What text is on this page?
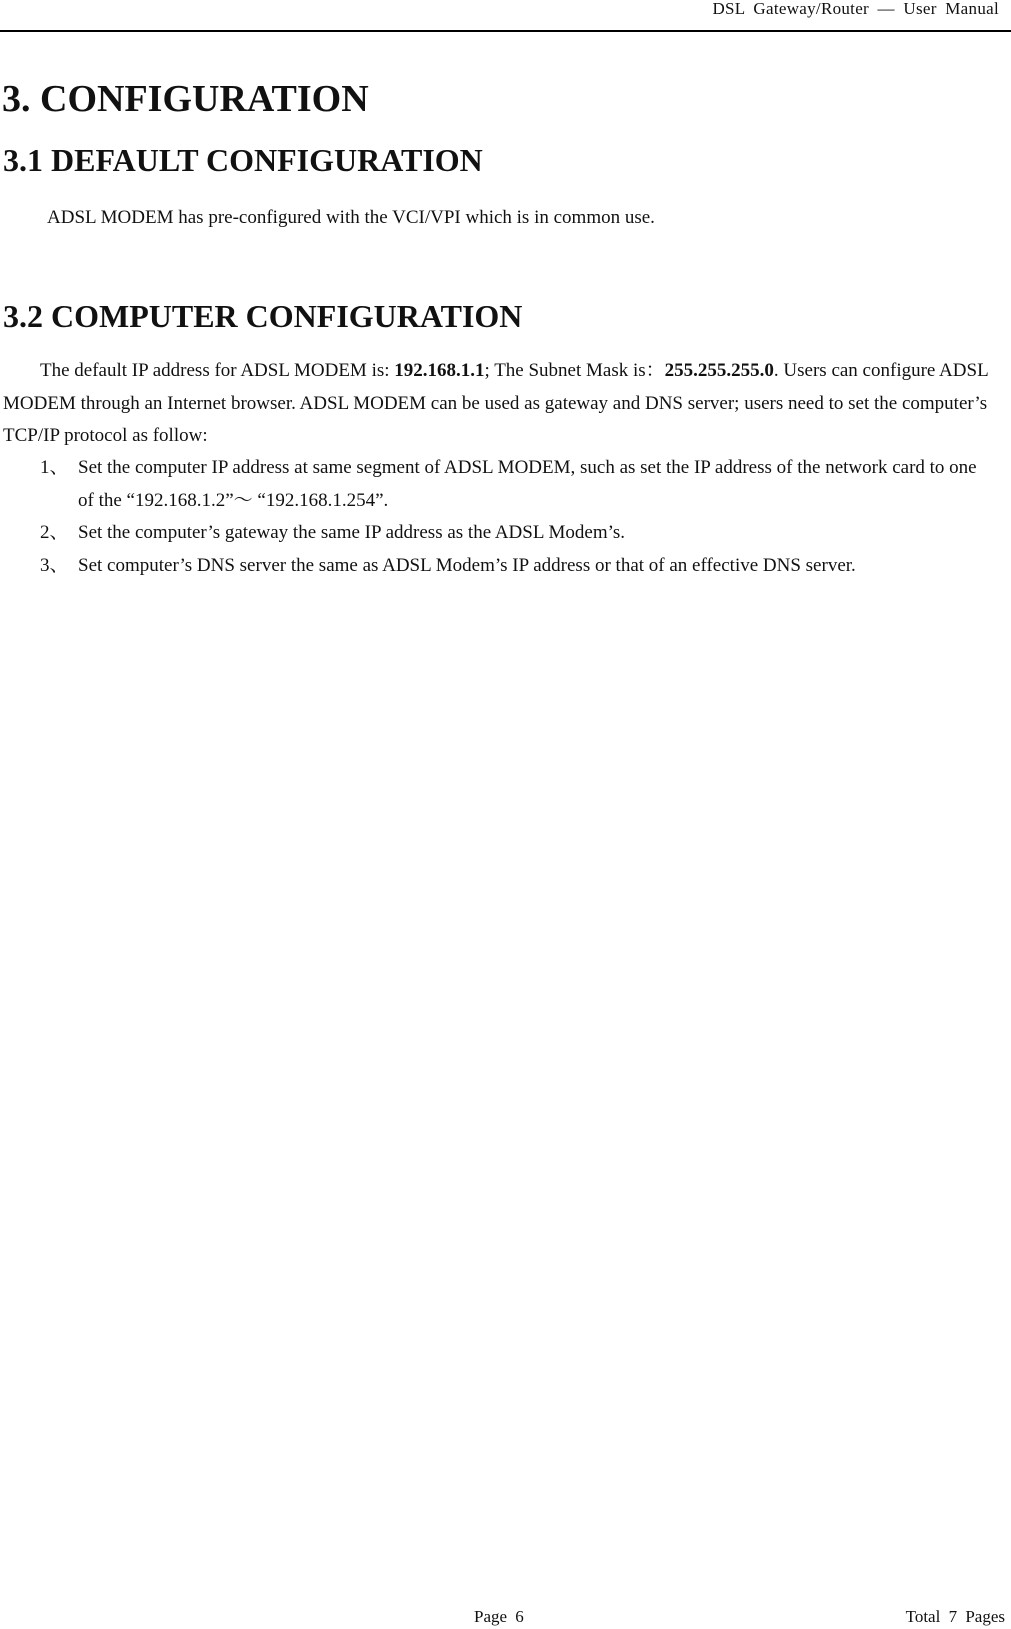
DSL Gateway/Router — User Manual
3. CONFIGURATION
3.1 DEFAULT CONFIGURATION

ADSL MODEM has pre-configured with the VCI/VPI which is in common use.

3.2 COMPUTER CONFIGURATION

The default IP address for ADSL MODEM is: 192.168.1.1; The Subnet Mask is：255.255.255.0. Users can configure ADSL MODEM through an Internet browser. ADSL MODEM can be used as gateway and DNS server; users need to set the computer’s TCP/IP protocol as follow:

1、 Set the computer IP address at same segment of ADSL MODEM, such as set the IP address of the network card to one of the “192.168.1.2”～ “192.168.1.254”.
2、 Set the computer’s gateway the same IP address as the ADSL Modem’s.
3、 Set computer’s DNS server the same as ADSL Modem’s IP address or that of an effective DNS server.
Page 6	Total 7 Pages
